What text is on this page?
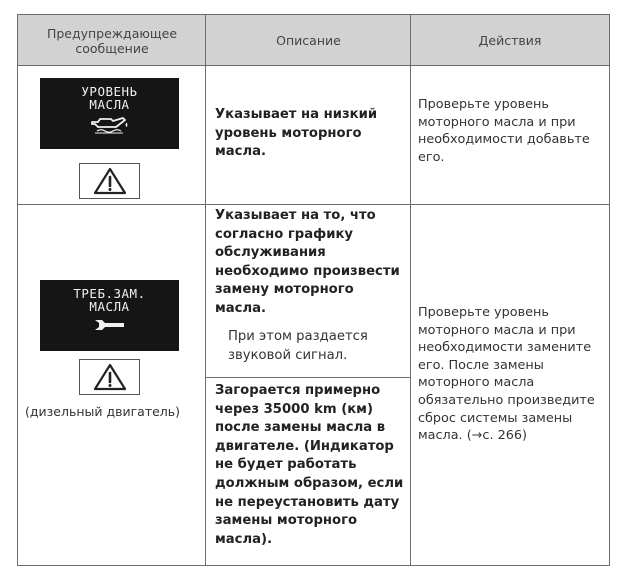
Предупреждающее
сообщение	Описание	Действия
УРОВЕНЬ
МАСЛА
Указывает на низкий
уровень моторного
масла.
Проверьте уровень
моторного масла и при
необходимости добавьте
его.
ТРЕБ.ЗАМ.
МАСЛА
(дизельный двигатель)
Указывает на то, что
согласно графику
обслуживания
необходимо произвести
замену моторного
масла.
При этом раздается
звуковой сигнал.
Загорается примерно
через 35000 km (км)
после замены масла в
двигателе. (Индикатор
не будет работать
должным образом, если
не переустановить дату
замены моторного
масла).
Проверьте уровень
моторного масла и при
необходимости замените
его. После замены
моторного масла
обязательно произведите
сброс системы замены
масла. (→с. 266)
